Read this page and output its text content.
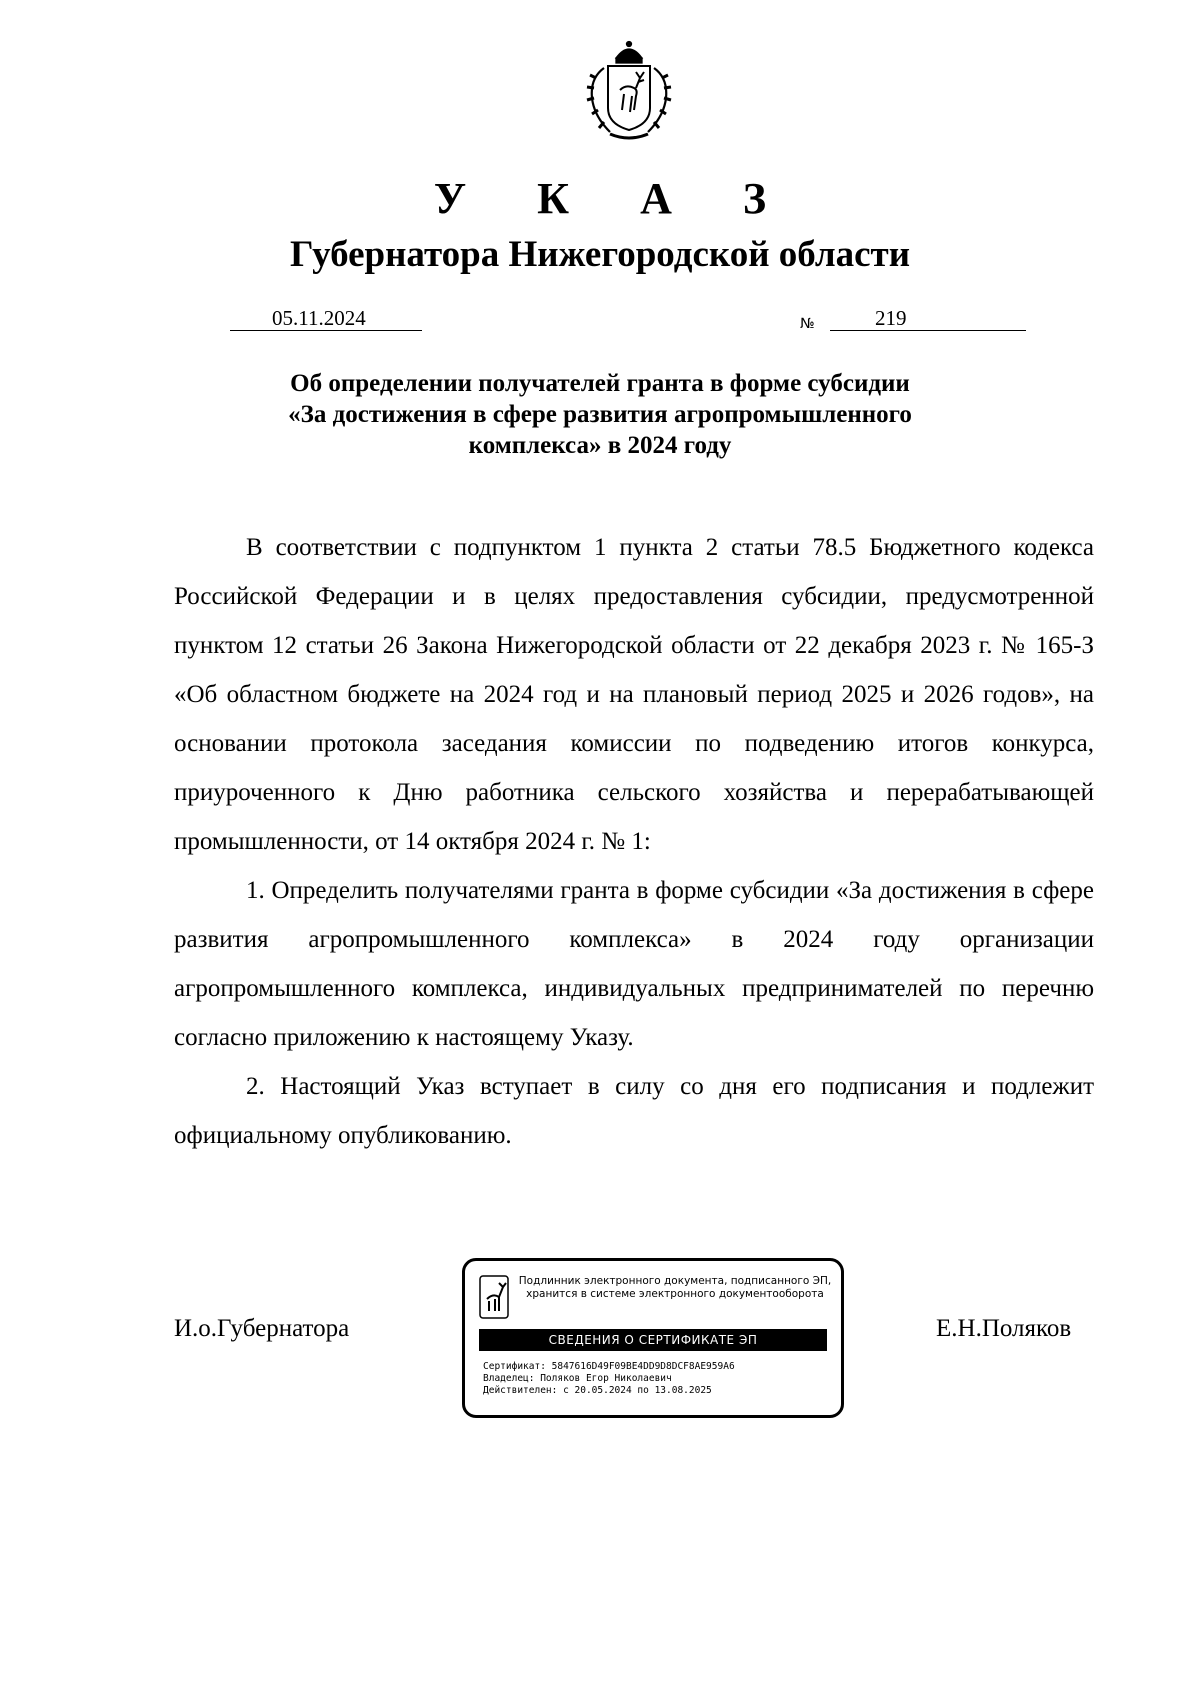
У К А З
Губернатора Нижегородской области
05.11.2024	№	219
Об определении получателей гранта в форме субсидии
«За достижения в сфере развития агропромышленного
комплекса» в 2024 году

В соответствии с подпунктом 1 пункта 2 статьи 78.5 Бюджетного кодекса Российской Федерации и в целях предоставления субсидии, предусмотренной пунктом 12 статьи 26 Закона Нижегородской области от 22 декабря 2023 г. № 165-З «Об областном бюджете на 2024 год и на плановый период 2025 и 2026 годов», на основании протокола заседания комиссии по подведению итогов конкурса, приуроченного к Дню работника сельского хозяйства и перерабатывающей промышленности, от 14 октября 2024 г. № 1:

1. Определить получателями гранта в форме субсидии «За достижения в сфере развития агропромышленного комплекса» в 2024 году организации агропромышленного комплекса, индивидуальных предпринимателей по перечню согласно приложению к настоящему Указу.

2. Настоящий Указ вступает в силу со дня его подписания и подлежит официальному опубликованию.

И.о.Губернатора	Е.Н.Поляков
Подлинник электронного документа, подписанного ЭП,
хранится в системе электронного документооборота
СВЕДЕНИЯ О СЕРТИФИКАТЕ ЭП
Сертификат: 5847616D49F09BE4DD9D8DCF8AE959A6
Владелец: Поляков Егор Николаевич
Действителен: с 20.05.2024 по 13.08.2025
